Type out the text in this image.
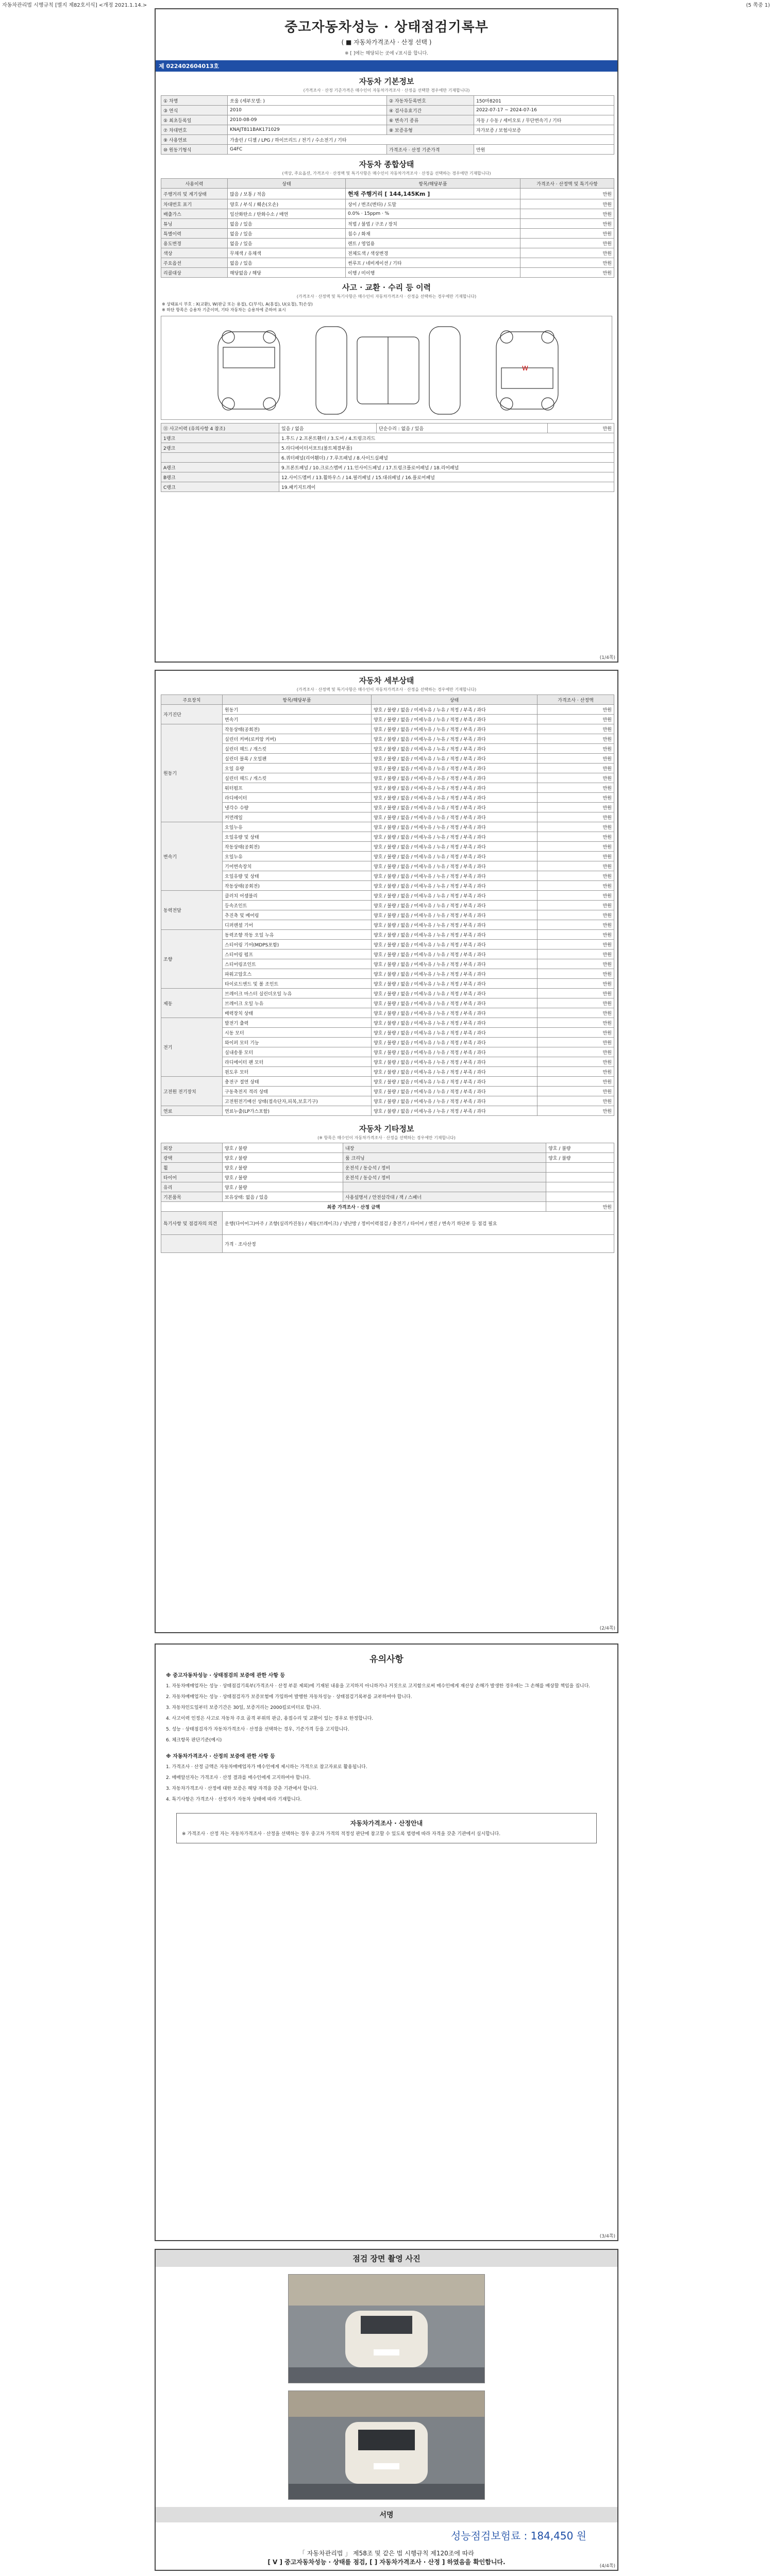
자동차관리법 시행규칙 [별지 제82호서식] <개정 2021.1.14.>	(5 쪽중 1)
중고자동차성능 · 상태점검기록부
( ■ 자동차가격조사 · 산정 선택 )
※ [ ]에는 해당되는 곳에 √표시를 합니다.
제 022402604013호
자동차 기본정보
(가격조사 · 산정 기준가격은 매수인이 자동차가격조사 · 산정을 선택한 경우에만 기재합니다)
① 차명	쏘울 (세부모델: )	② 자동차등록번호	150마8201
③ 연식	2010	④ 검사유효기간	2022-07-17 ~ 2024-07-16
⑤ 최초등록일	2010-08-09	⑥ 변속기 종류	자동 / 수동 / 세미오토 / 무단변속기 / 기타
⑦ 차대번호	KNAJT811BAK171029	⑧ 보증유형	자가보증 / 보험사보증
⑨ 사용연료	가솔린 / 디젤 / LPG / 하이브리드 / 전기 / 수소전기 / 기타		
⑩ 원동기형식	G4FC	가격조사 · 산정 기준가격	만원
자동차 종합상태
(색상, 주요옵션, 가격조사 · 산정액 및 특기사항은 매수인이 자동차가격조사 · 산정을 선택하는 경우에만 기재합니다)
사용이력	상태	항목/해당부품	가격조사 · 산정액 및 특기사항
주행거리 및 계기상태	많음 / 보통 / 적음	현재 주행거리 [ 144,145Km ]	만원
차대번호 표기	양호 / 부식 / 훼손(오손)	상이 / 변조(변타) / 도말	만원
배출가스	일산화탄소 / 탄화수소 / 매연	0.0% · 15ppm · %	만원
튜닝	없음 / 있음	적법 / 불법 / 구조 / 장치	만원
특별이력	없음 / 있음	침수 / 화재	만원
용도변경	없음 / 있음	렌트 / 영업용	만원
색상	무채색 / 유채색	전체도색 / 색상변경	만원
주요옵션	없음 / 있음	썬루프 / 네비게이션 / 기타	만원
리콜대상	해당없음 / 해당	이행 / 미이행	만원
사고 · 교환 · 수리 등 이력
(가격조사 · 산정액 및 특기사항은 매수인이 자동차가격조사 · 산정을 선택하는 경우에만 기재합니다)
※ 상태표시 부호 : X(교환), W(판금 또는 용접), C(부식), A(흠집), U(요철), T(손상)
※ 하단 항목은 승용차 기준이며, 기타 자동차는 승용차에 준하여 표시
W
⑪ 사고이력 (유의사항 4 참조)	있음 / 없음	단순수리 : 없음 / 있음	만원
1랭크	1.후드 / 2.프론트휀더 / 3.도어 / 4.트렁크리드		
2랭크	5.라디에이터서포트(볼트체결부품)		
	6.쿼터패널(리어휀더) / 7.루프패널 / 8.사이드실패널		
A랭크	9.프론트패널 / 10.크로스멤버 / 11.인사이드패널 / 17.트렁크플로어패널 / 18.리어패널		
B랭크	12.사이드멤버 / 13.휠하우스 / 14.필러패널 / 15.대쉬패널 / 16.플로어패널		
C랭크	19.패키지트레이		
(1/4쪽)
자동차 세부상태
(가격조사 · 산정액 및 특기사항은 매수인이 자동차가격조사 · 산정을 선택하는 경우에만 기재합니다)
주요장치	항목/해당부품	상태	가격조사 · 산정액
자기진단	원동기	양호 / 불량 / 없음 / 미세누유 / 누유 / 적정 / 부족 / 과다	만원
	변속기	양호 / 불량 / 없음 / 미세누유 / 누유 / 적정 / 부족 / 과다	만원
원동기	작동상태(공회전)	양호 / 불량 / 없음 / 미세누유 / 누유 / 적정 / 부족 / 과다	만원
	실린더 커버(로커암 커버)	양호 / 불량 / 없음 / 미세누유 / 누유 / 적정 / 부족 / 과다	만원
	실린더 헤드 / 개스킷	양호 / 불량 / 없음 / 미세누유 / 누유 / 적정 / 부족 / 과다	만원
	실린더 블록 / 오일팬	양호 / 불량 / 없음 / 미세누유 / 누유 / 적정 / 부족 / 과다	만원
	오일 유량	양호 / 불량 / 없음 / 미세누유 / 누유 / 적정 / 부족 / 과다	만원
	실린더 헤드 / 개스킷	양호 / 불량 / 없음 / 미세누유 / 누유 / 적정 / 부족 / 과다	만원
	워터펌프	양호 / 불량 / 없음 / 미세누유 / 누유 / 적정 / 부족 / 과다	만원
	라디에이터	양호 / 불량 / 없음 / 미세누유 / 누유 / 적정 / 부족 / 과다	만원
	냉각수 수량	양호 / 불량 / 없음 / 미세누유 / 누유 / 적정 / 부족 / 과다	만원
	커먼레일	양호 / 불량 / 없음 / 미세누유 / 누유 / 적정 / 부족 / 과다	만원
변속기	오일누유	양호 / 불량 / 없음 / 미세누유 / 누유 / 적정 / 부족 / 과다	만원
	오일유량 및 상태	양호 / 불량 / 없음 / 미세누유 / 누유 / 적정 / 부족 / 과다	만원
	작동상태(공회전)	양호 / 불량 / 없음 / 미세누유 / 누유 / 적정 / 부족 / 과다	만원
	오일누유	양호 / 불량 / 없음 / 미세누유 / 누유 / 적정 / 부족 / 과다	만원
	기어변속장치	양호 / 불량 / 없음 / 미세누유 / 누유 / 적정 / 부족 / 과다	만원
	오일유량 및 상태	양호 / 불량 / 없음 / 미세누유 / 누유 / 적정 / 부족 / 과다	만원
	작동상태(공회전)	양호 / 불량 / 없음 / 미세누유 / 누유 / 적정 / 부족 / 과다	만원
동력전달	클러치 어셈블리	양호 / 불량 / 없음 / 미세누유 / 누유 / 적정 / 부족 / 과다	만원
	등속조인트	양호 / 불량 / 없음 / 미세누유 / 누유 / 적정 / 부족 / 과다	만원
	추진축 및 베어링	양호 / 불량 / 없음 / 미세누유 / 누유 / 적정 / 부족 / 과다	만원
	디퍼렌셜 기어	양호 / 불량 / 없음 / 미세누유 / 누유 / 적정 / 부족 / 과다	만원
조향	동력조향 작동 오일 누유	양호 / 불량 / 없음 / 미세누유 / 누유 / 적정 / 부족 / 과다	만원
	스티어링 기어(MDPS포함)	양호 / 불량 / 없음 / 미세누유 / 누유 / 적정 / 부족 / 과다	만원
	스티어링 펌프	양호 / 불량 / 없음 / 미세누유 / 누유 / 적정 / 부족 / 과다	만원
	스티어링조인트	양호 / 불량 / 없음 / 미세누유 / 누유 / 적정 / 부족 / 과다	만원
	파워고압호스	양호 / 불량 / 없음 / 미세누유 / 누유 / 적정 / 부족 / 과다	만원
	타이로드엔드 및 볼 조인트	양호 / 불량 / 없음 / 미세누유 / 누유 / 적정 / 부족 / 과다	만원
제동	브레이크 마스터 실린더오일 누유	양호 / 불량 / 없음 / 미세누유 / 누유 / 적정 / 부족 / 과다	만원
	브레이크 오일 누유	양호 / 불량 / 없음 / 미세누유 / 누유 / 적정 / 부족 / 과다	만원
	배력장치 상태	양호 / 불량 / 없음 / 미세누유 / 누유 / 적정 / 부족 / 과다	만원
전기	발전기 출력	양호 / 불량 / 없음 / 미세누유 / 누유 / 적정 / 부족 / 과다	만원
	시동 모터	양호 / 불량 / 없음 / 미세누유 / 누유 / 적정 / 부족 / 과다	만원
	와이퍼 모터 기능	양호 / 불량 / 없음 / 미세누유 / 누유 / 적정 / 부족 / 과다	만원
	실내송풍 모터	양호 / 불량 / 없음 / 미세누유 / 누유 / 적정 / 부족 / 과다	만원
	라디에이터 팬 모터	양호 / 불량 / 없음 / 미세누유 / 누유 / 적정 / 부족 / 과다	만원
	윈도우 모터	양호 / 불량 / 없음 / 미세누유 / 누유 / 적정 / 부족 / 과다	만원
고전원 전기장치	충전구 절연 상태	양호 / 불량 / 없음 / 미세누유 / 누유 / 적정 / 부족 / 과다	만원
	구동축전지 격리 상태	양호 / 불량 / 없음 / 미세누유 / 누유 / 적정 / 부족 / 과다	만원
	고전원전기배선 상태(접속단자,피복,보호기구)	양호 / 불량 / 없음 / 미세누유 / 누유 / 적정 / 부족 / 과다	만원
연료	연료누출(LP가스포함)	양호 / 불량 / 없음 / 미세누유 / 누유 / 적정 / 부족 / 과다	만원
자동차 기타정보
(※ 항목은 매수인이 자동차가격조사 · 산정을 선택하는 경우에만 기재합니다)
외장	양호 / 불량	내장	양호 / 불량
광택	양호 / 불량	룸 크리닝	양호 / 불량
휠	양호 / 불량	운전석 / 동승석 / 정비	
타이어	양호 / 불량	운전석 / 동승석 / 정비	
유리	양호 / 불량		
기본품목	보유상태: 없음 / 있음	사용설명서 / 안전삼각대 / 잭 / 스패너	
최종 가격조사 · 산정 금액			만원
특기사항 및 점검자의 의견	운행(다이어그)아주 / 조향(실리카진동) / 제동(브레이크) / 냉난방 / 정비이력점검 / 충전기 / 타이어 / 엔진 / 변속기 하단부 등 점검 필요		
	가격 · 조사산정		
(2/4쪽)
유의사항
※ 중고자동차성능 · 상태점검의 보증에 관한 사항 등

1. 자동차매매업자는 성능 · 상태점검기록부(가격조사 · 산정 부분 제외)에 기재된 내용을 고지하지 아니하거나 거짓으로 고지함으로써 매수인에게 재산상 손해가 발생한 경우에는 그 손해를 배상할 책임을 집니다.

2. 자동차매매업자는 성능 · 상태점검자가 보증보험에 가입하여 발행한 자동차성능 · 상태점검기록부를 교부하여야 합니다.

3. 자동차인도일부터 보증기간은 30일, 보증거리는 2000킬로미터로 합니다.

4. 사고이력 인정은 사고로 자동차 주요 골격 부위의 판금, 용접수리 및 교환이 있는 경우로 한정합니다.

5. 성능 · 상태점검자가 자동차가격조사 · 산정을 선택하는 경우, 기준가격 등을 고지합니다.

6. 체크항목 판단기준(예시)

※ 자동차가격조사 · 산정의 보증에 관한 사항 등

1. 가격조사 · 산정 금액은 자동차매매업자가 매수인에게 제시하는 가격으로 참고자료로 활용됩니다.

2. 매매알선자는 가격조사 · 산정 결과를 매수인에게 고지하여야 합니다.

3. 자동차가격조사 · 산정에 대한 보증은 해당 자격을 갖춘 기관에서 합니다.

4. 특기사항은 가격조사 · 산정자가 자동차 상태에 따라 기재합니다.

자동차가격조사 · 산정안내
※ 가격조사 · 산정 자는 자동차가격조사 · 산정을 선택하는 경우 중고차 가격의 적정성 판단에 참고할 수 있도록 법령에 따라 자격을 갖춘 기관에서 실시합니다.
(3/4쪽)
점검 장면 촬영 사진
서명
성능점검보험료 : 184,450 원
「 자동차관리법 」 제58조 및 같은 법 시행규칙 제120조에 따라
[ V ] 중고자동차성능 · 상태를 점검, [ ] 자동차가격조사 · 산정 ] 하였음을 확인합니다.
(4/4쪽)
